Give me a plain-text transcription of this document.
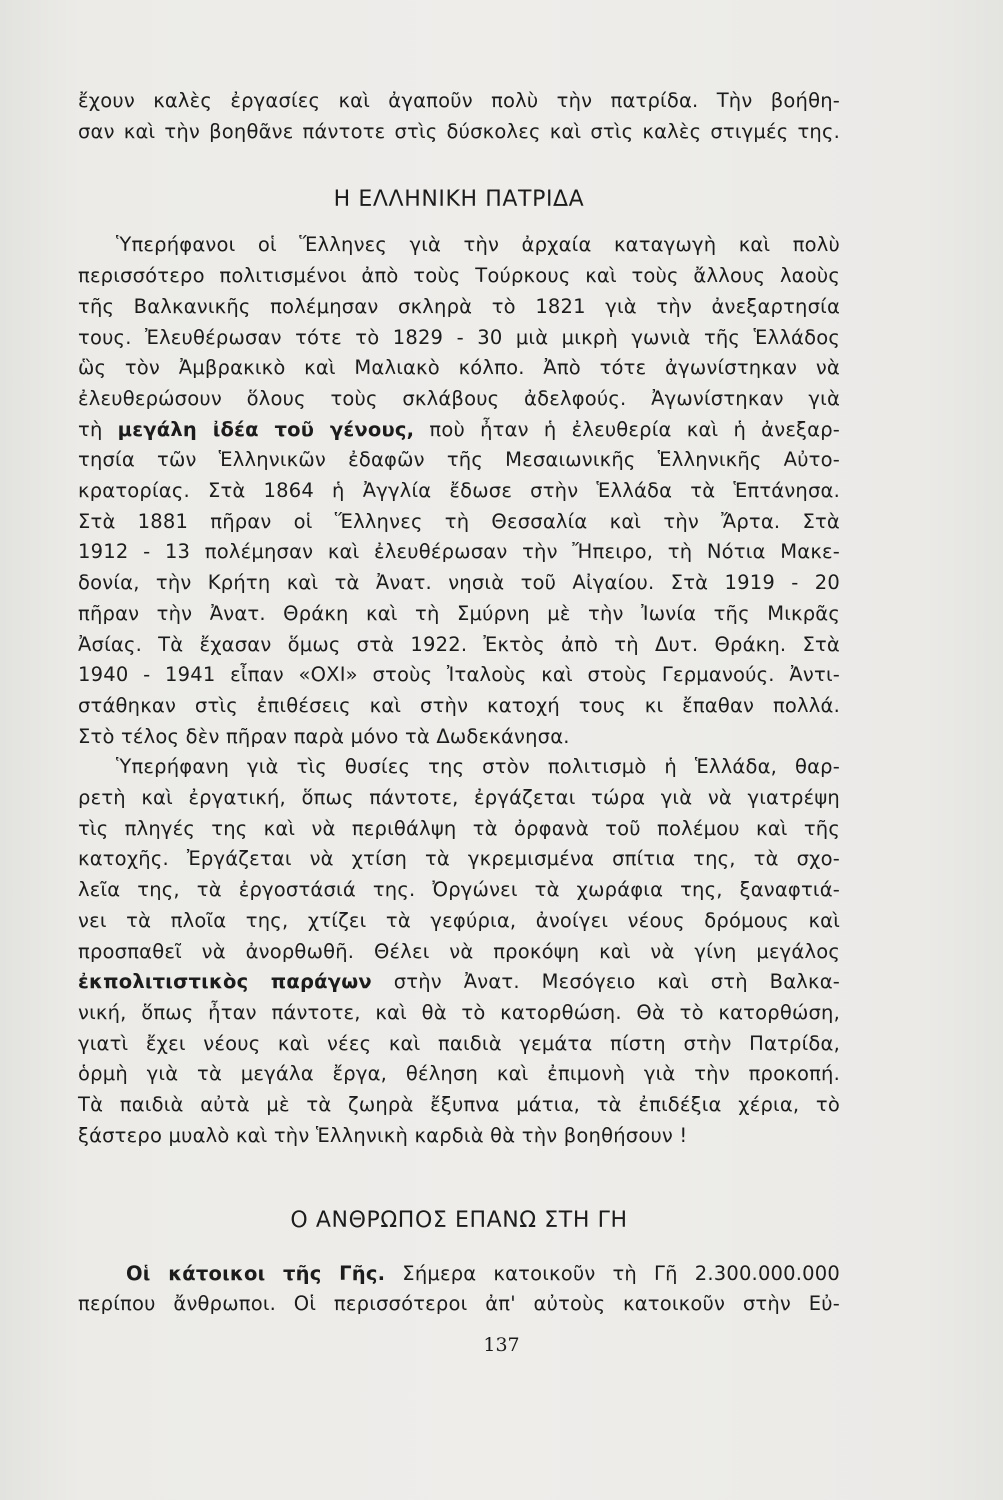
ἔχουν καλὲς ἐργασίες καὶ ἀγαποῦν πολὺ τὴν πατρίδα. Τὴν βοήθη-
σαν καὶ τὴν βοηθᾶνε πάντοτε στὶς δύσκολες καὶ στὶς καλὲς στιγμές της.
Η ΕΛΛΗΝΙΚΗ ΠΑΤΡΙΔΑ
Ὑπερήφανοι οἱ Ἕλληνες γιὰ τὴν ἀρχαία καταγωγὴ καὶ πολὺ
περισσότερο πολιτισμένοι ἀπὸ τοὺς Τούρκους καὶ τοὺς ἄλλους λαοὺς
τῆς Βαλκανικῆς πολέμησαν σκληρὰ τὸ 1821 γιὰ τὴν ἀνεξαρτησία
τους. Ἐλευθέρωσαν τότε τὸ 1829 - 30 μιὰ μικρὴ γωνιὰ τῆς Ἑλλάδος
ὣς τὸν Ἀμβρακικὸ καὶ Μαλιακὸ κόλπο. Ἀπὸ τότε ἀγωνίστηκαν νὰ
ἐλευθερώσουν ὅλους τοὺς σκλάβους ἀδελφούς. Ἀγωνίστηκαν γιὰ
τὴ μεγάλη ἰδέα τοῦ γένους, ποὺ ἦταν ἡ ἐλευθερία καὶ ἡ ἀνεξαρ-
τησία τῶν Ἑλληνικῶν ἐδαφῶν τῆς Μεσαιωνικῆς Ἑλληνικῆς Αὐτο-
κρατορίας. Στὰ 1864 ἡ Ἀγγλία ἔδωσε στὴν Ἑλλάδα τὰ Ἑπτάνησα.
Στὰ 1881 πῆραν οἱ Ἕλληνες τὴ Θεσσαλία καὶ τὴν Ἄρτα. Στὰ
1912 - 13 πολέμησαν καὶ ἐλευθέρωσαν τὴν Ἤπειρο, τὴ Νότια Μακε-
δονία, τὴν Κρήτη καὶ τὰ Ἀνατ. νησιὰ τοῦ Αἰγαίου. Στὰ 1919 - 20
πῆραν τὴν Ἀνατ. Θράκη καὶ τὴ Σμύρνη μὲ τὴν Ἰωνία τῆς Μικρᾶς
Ἀσίας. Τὰ ἔχασαν ὅμως στὰ 1922. Ἐκτὸς ἀπὸ τὴ Δυτ. Θράκη. Στὰ
1940 - 1941 εἶπαν «ΟΧΙ» στοὺς Ἰταλοὺς καὶ στοὺς Γερμανούς. Ἀντι-
στάθηκαν στὶς ἐπιθέσεις καὶ στὴν κατοχή τους κι ἔπαθαν πολλά.
Στὸ τέλος δὲν πῆραν παρὰ μόνο τὰ Δωδεκάνησα.
Ὑπερήφανη γιὰ τὶς θυσίες της στὸν πολιτισμὸ ἡ Ἑλλάδα, θαρ-
ρετὴ καὶ ἐργατική, ὅπως πάντοτε, ἐργάζεται τώρα γιὰ νὰ γιατρέψη
τὶς πληγές της καὶ νὰ περιθάλψη τὰ ὀρφανὰ τοῦ πολέμου καὶ τῆς
κατοχῆς. Ἐργάζεται νὰ χτίση τὰ γκρεμισμένα σπίτια της, τὰ σχο-
λεῖα της, τὰ ἐργοστάσιά της. Ὀργώνει τὰ χωράφια της, ξαναφτιά-
νει τὰ πλοῖα της, χτίζει τὰ γεφύρια, ἀνοίγει νέους δρόμους καὶ
προσπαθεῖ νὰ ἀνορθωθῆ. Θέλει νὰ προκόψη καὶ νὰ γίνη μεγάλος
ἐκπολιτιστικὸς παράγων στὴν Ἀνατ. Μεσόγειο καὶ στὴ Βαλκα-
νική, ὅπως ἦταν πάντοτε, καὶ θὰ τὸ κατορθώση. Θὰ τὸ κατορθώση,
γιατὶ ἔχει νέους καὶ νέες καὶ παιδιὰ γεμάτα πίστη στὴν Πατρίδα,
ὁρμὴ γιὰ τὰ μεγάλα ἔργα, θέληση καὶ ἐπιμονὴ γιὰ τὴν προκοπή.
Τὰ παιδιὰ αὐτὰ μὲ τὰ ζωηρὰ ἔξυπνα μάτια, τὰ ἐπιδέξια χέρια, τὸ
ξάστερο μυαλὸ καὶ τὴν Ἑλληνικὴ καρδιὰ θὰ τὴν βοηθήσουν !
Ο ΑΝΘΡΩΠΟΣ ΕΠΑΝΩ ΣΤΗ ΓΗ
Οἱ κάτοικοι τῆς Γῆς. Σήμερα κατοικοῦν τὴ Γῆ 2.300.000.000
περίπου ἄνθρωποι. Οἱ περισσότεροι ἀπ' αὐτοὺς κατοικοῦν στὴν Εὐ-
137
